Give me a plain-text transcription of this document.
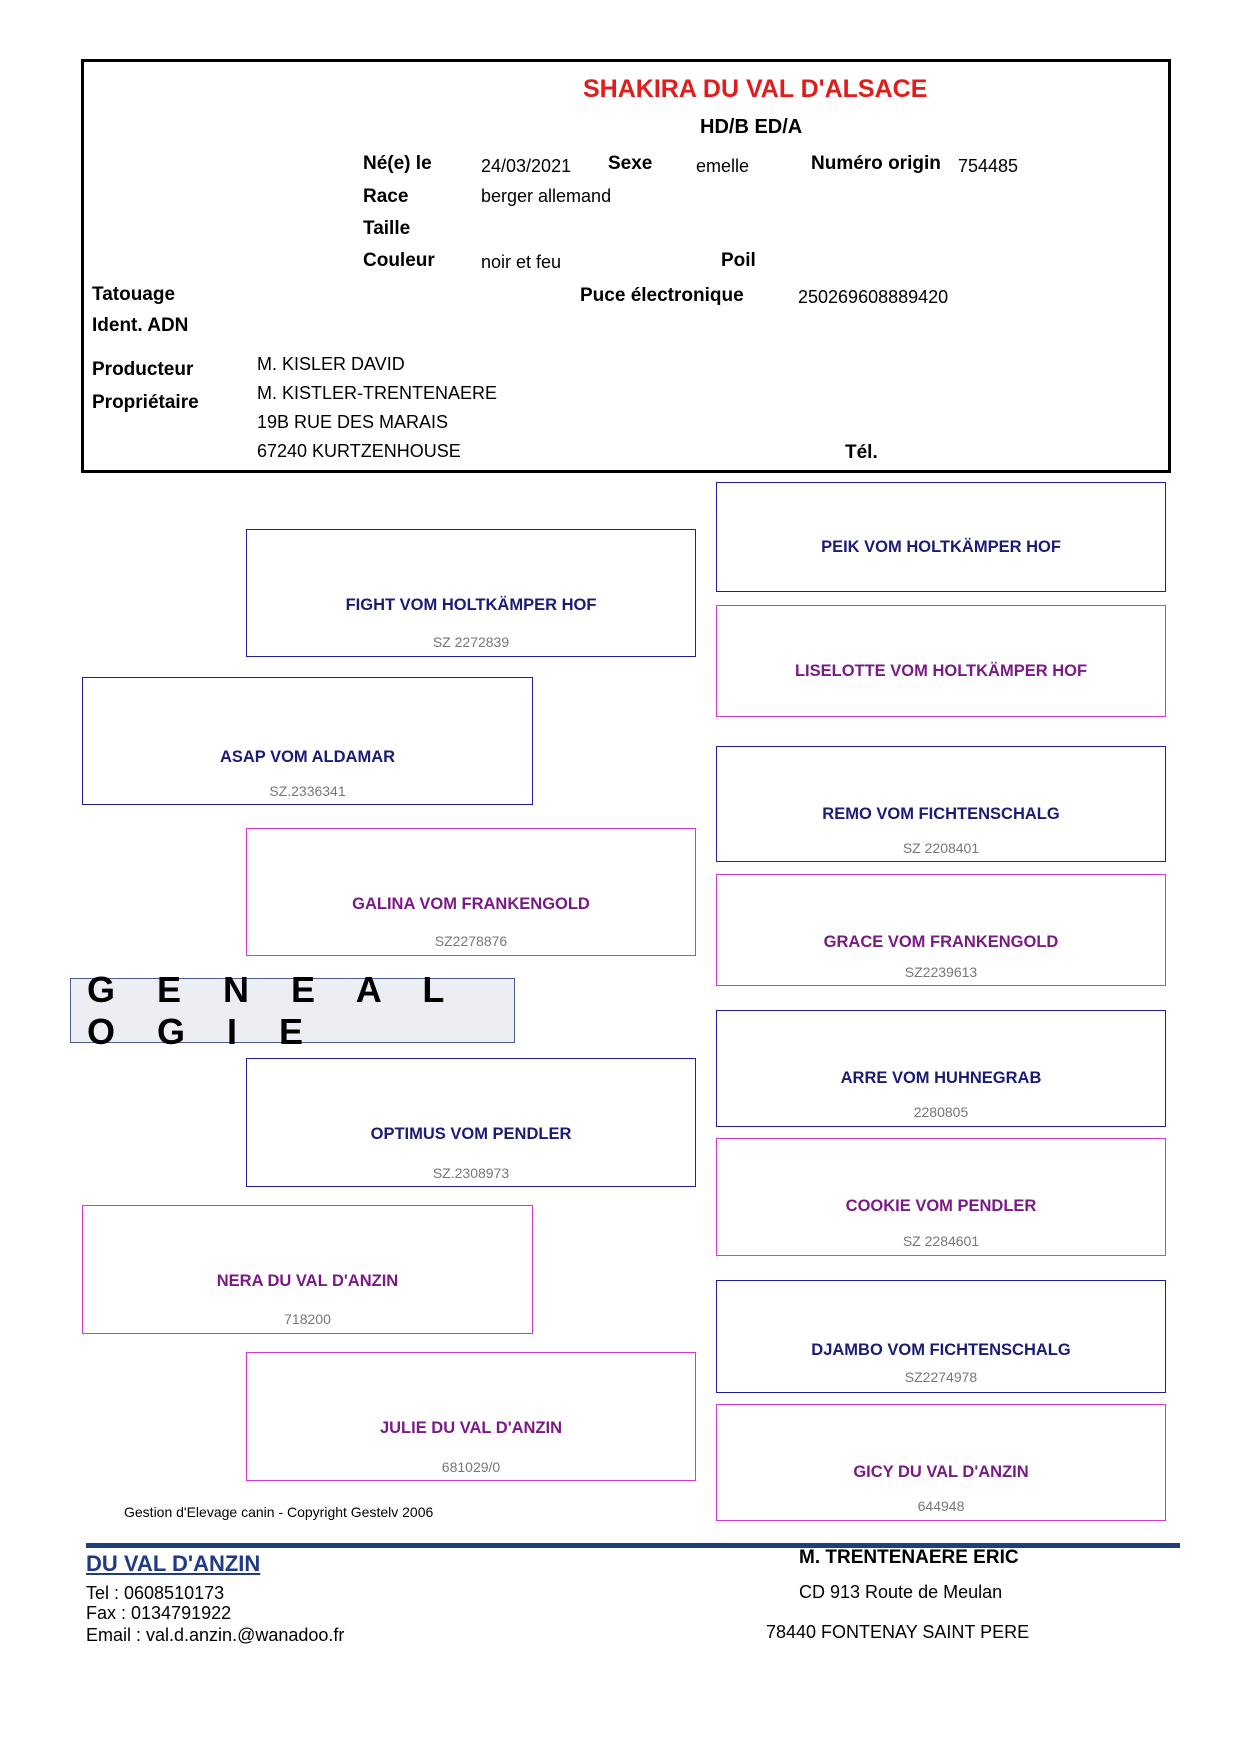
SHAKIRA DU VAL D'ALSACE
HD/B ED/A
Né(e) le	24/03/2021 Sexe emelle	Numéro origin 754485
Race	berger allemand
Taille
Couleur	noir et feu	Poil
Tatouage	Puce électronique	250269608889420
Ident. ADN
Producteur	M. KISLER DAVID
Propriétaire	M. KISTLER-TRENTENAERE
19B RUE DES MARAIS
67240 KURTZENHOUSE	Tél.
FIGHT VOM HOLTKÄMPER HOF
SZ 2272839
GALINA VOM FRANKENGOLD
SZ2278876
OPTIMUS VOM PENDLER
SZ.2308973
JULIE DU VAL D'ANZIN
681029/0
ASAP VOM ALDAMAR
SZ.2336341
NERA DU VAL D'ANZIN
718200
PEIK VOM HOLTKÄMPER HOF
LISELOTTE VOM HOLTKÄMPER HOF
REMO VOM FICHTENSCHALG
SZ 2208401
GRACE VOM FRANKENGOLD
SZ2239613
ARRE VOM HUHNEGRAB
2280805
COOKIE VOM PENDLER
SZ 2284601
DJAMBO VOM FICHTENSCHALG
SZ2274978
GICY DU VAL D'ANZIN
644948
G E N E A L O G I E
Gestion d'Elevage canin - Copyright Gestelv 2006
DU VAL D'ANZIN
Tel : 0608510173
Fax : 0134791922
Email : val.d.anzin.@wanadoo.fr
M. TRENTENAERE ERIC
CD 913 Route de Meulan
78440 FONTENAY SAINT PERE
